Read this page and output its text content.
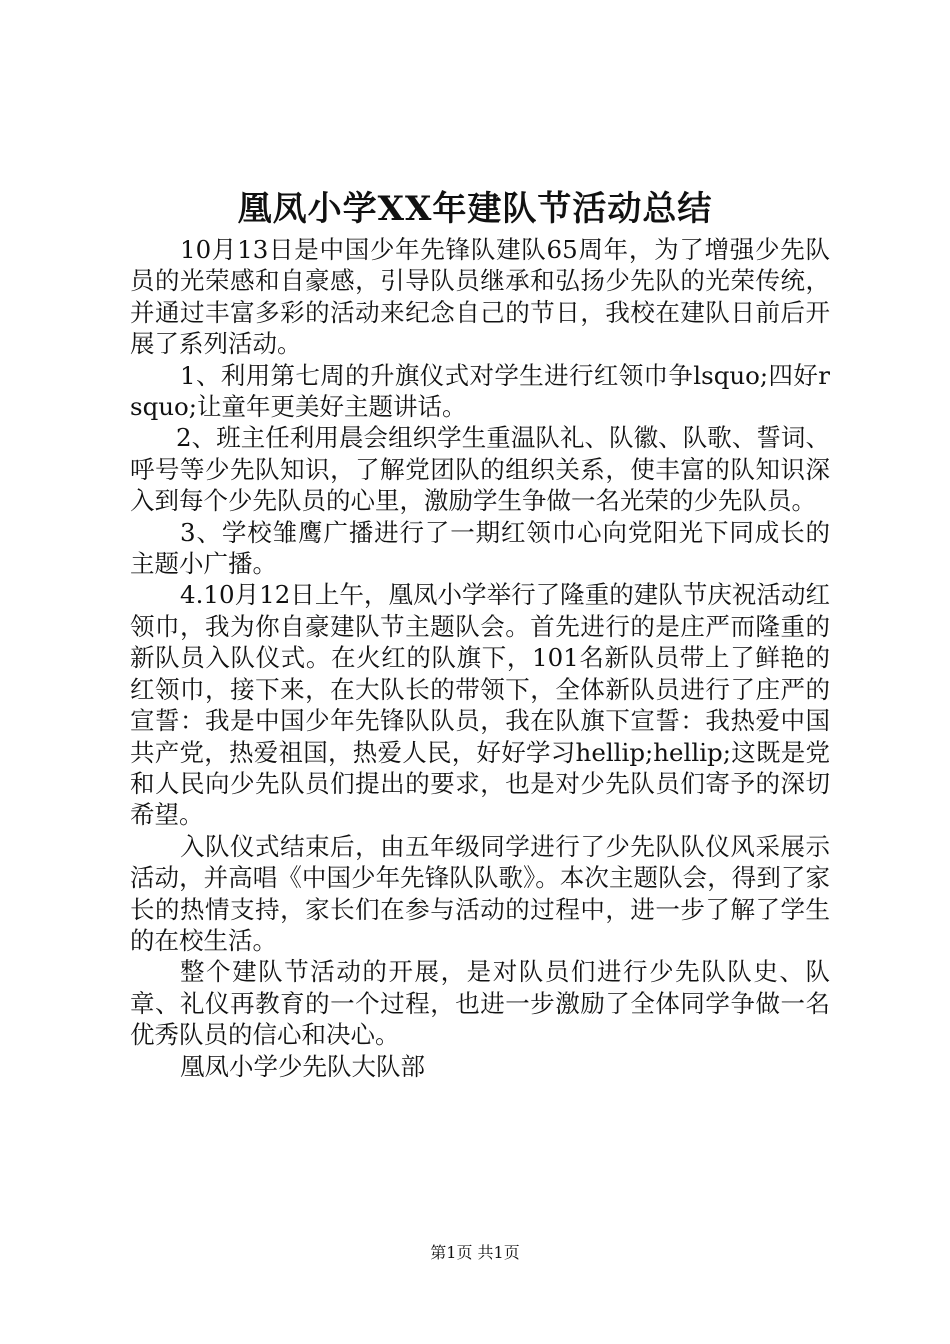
凰凤小学XX年建队节活动总结

10月13日是中国少年先锋队建队65周年，为了增强少先队员的光荣感和自豪感，引导队员继承和弘扬少先队的光荣传统，并通过丰富多彩的活动来纪念自己的节日，我校在建队日前后开展了系列活动。

1、利用第七周的升旗仪式对学生进行红领巾争lsquo;四好rsquo;让童年更美好主题讲话。

2、班主任利用晨会组织学生重温队礼、队徽、队歌、誓词、呼号等少先队知识，了解党团队的组织关系，使丰富的队知识深入到每个少先队员的心里，激励学生争做一名光荣的少先队员。

3、学校雏鹰广播进行了一期红领巾心向党阳光下同成长的主题小广播。

4.10月12日上午，凰凤小学举行了隆重的建队节庆祝活动红领巾，我为你自豪建队节主题队会。首先进行的是庄严而隆重的新队员入队仪式。在火红的队旗下，101名新队员带上了鲜艳的红领巾，接下来，在大队长的带领下，全体新队员进行了庄严的宣誓：我是中国少年先锋队队员，我在队旗下宣誓：我热爱中国共产党，热爱祖国，热爱人民，好好学习hellip;hellip;这既是党和人民向少先队员们提出的要求，也是对少先队员们寄予的深切希望。

入队仪式结束后，由五年级同学进行了少先队队仪风采展示活动，并高唱《中国少年先锋队队歌》。本次主题队会，得到了家长的热情支持，家长们在参与活动的过程中，进一步了解了学生的在校生活。

整个建队节活动的开展，是对队员们进行少先队队史、队章、礼仪再教育的一个过程，也进一步激励了全体同学争做一名优秀队员的信心和决心。

凰凤小学少先队大队部

第1页 共1页
